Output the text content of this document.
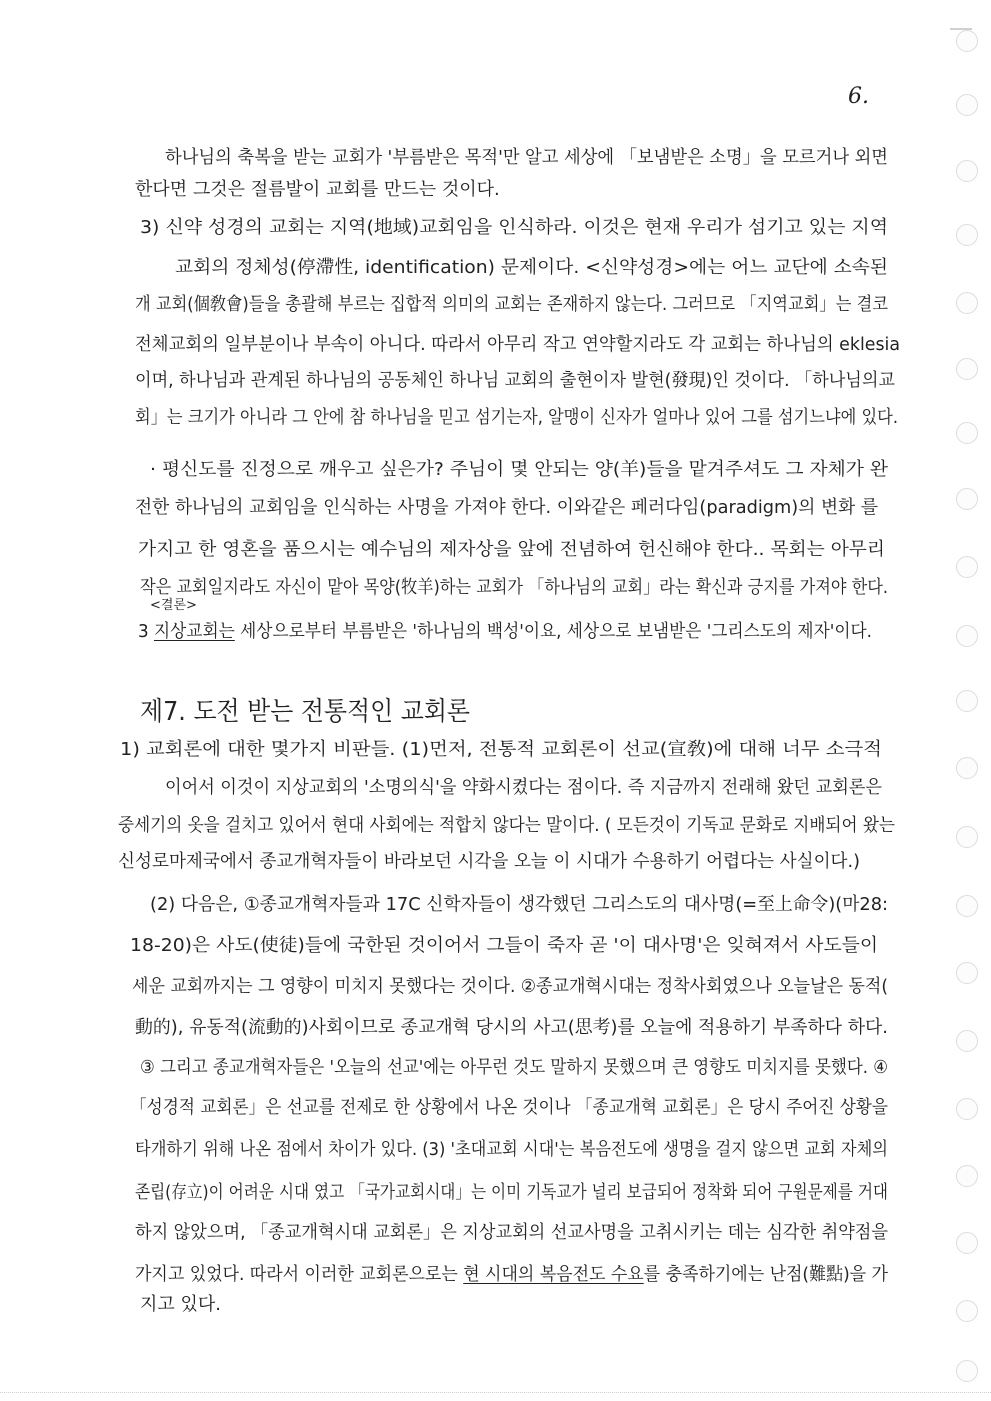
6.
하나님의 축복을 받는 교회가 '부름받은 목적'만 알고 세상에 「보냄받은 소명」을 모르거나 외면
한다면 그것은 절름발이 교회를 만드는 것이다.
3) 신약 성경의 교회는 지역(地域)교회임을 인식하라. 이것은 현재 우리가 섬기고 있는 지역
교회의 정체성(停滯性, identification) 문제이다. <신약성경>에는 어느 교단에 소속된
개 교회(個敎會)들을 총괄해 부르는 집합적 의미의 교회는 존재하지 않는다. 그러므로 「지역교회」는 결코
전체교회의 일부분이나 부속이 아니다. 따라서 아무리 작고 연약할지라도 각 교회는 하나님의 eklesia
이며, 하나님과 관계된 하나님의 공동체인 하나님 교회의 출현이자 발현(發現)인 것이다. 「하나님의교
회」는 크기가 아니라 그 안에 참 하나님을 믿고 섬기는자, 알맹이 신자가 얼마나 있어 그를 섬기느냐에 있다.
· 평신도를 진정으로 깨우고 싶은가? 주님이 몇 안되는 양(羊)들을 맡겨주셔도 그 자체가 완
전한 하나님의 교회임을 인식하는 사명을 가져야 한다. 이와같은 페러다임(paradigm)의 변화 를
가지고 한 영혼을 품으시는 예수님의 제자상을 앞에 전념하여 헌신해야 한다.. 목회는 아무리
작은 교회일지라도 자신이 맡아 목양(牧羊)하는 교회가 「하나님의 교회」라는 확신과 긍지를 가져야 한다.
<결론>
3 지상교회는 세상으로부터 부름받은 '하나님의 백성'이요, 세상으로 보냄받은 '그리스도의 제자'이다.
제7. 도전 받는 전통적인 교회론
1) 교회론에 대한 몇가지 비판들. (1)먼저, 전통적 교회론이 선교(宣敎)에 대해 너무 소극적
이어서 이것이 지상교회의 '소명의식'을 약화시켰다는 점이다. 즉 지금까지 전래해 왔던 교회론은
중세기의 옷을 걸치고 있어서 현대 사회에는 적합치 않다는 말이다. ( 모든것이 기독교 문화로 지배되어 왔는
신성로마제국에서 종교개혁자들이 바라보던 시각을 오늘 이 시대가 수용하기 어렵다는 사실이다.)
(2) 다음은, ①종교개혁자들과 17C 신학자들이 생각했던 그리스도의 대사명(=至上命令)(마28:
18-20)은 사도(使徒)들에 국한된 것이어서 그들이 죽자 곧 '이 대사명'은 잊혀져서 사도들이
세운 교회까지는 그 영향이 미치지 못했다는 것이다. ②종교개혁시대는 정착사회였으나 오늘날은 동적(
動的), 유동적(流動的)사회이므로 종교개혁 당시의 사고(思考)를 오늘에 적용하기 부족하다 하다.
③ 그리고 종교개혁자들은 '오늘의 선교'에는 아무런 것도 말하지 못했으며 큰 영향도 미치지를 못했다. ④
「성경적 교회론」은 선교를 전제로 한 상황에서 나온 것이나 「종교개혁 교회론」은 당시 주어진 상황을
타개하기 위해 나온 점에서 차이가 있다. (3) '초대교회 시대'는 복음전도에 생명을 걸지 않으면 교회 자체의
존립(存立)이 어려운 시대 였고 「국가교회시대」는 이미 기독교가 널리 보급되어 정착화 되어 구원문제를 거대
하지 않았으며, 「종교개혁시대 교회론」은 지상교회의 선교사명을 고취시키는 데는 심각한 취약점을
가지고 있었다. 따라서 이러한 교회론으로는 현 시대의 복음전도 수요를 충족하기에는 난점(難點)을 가
지고 있다.
